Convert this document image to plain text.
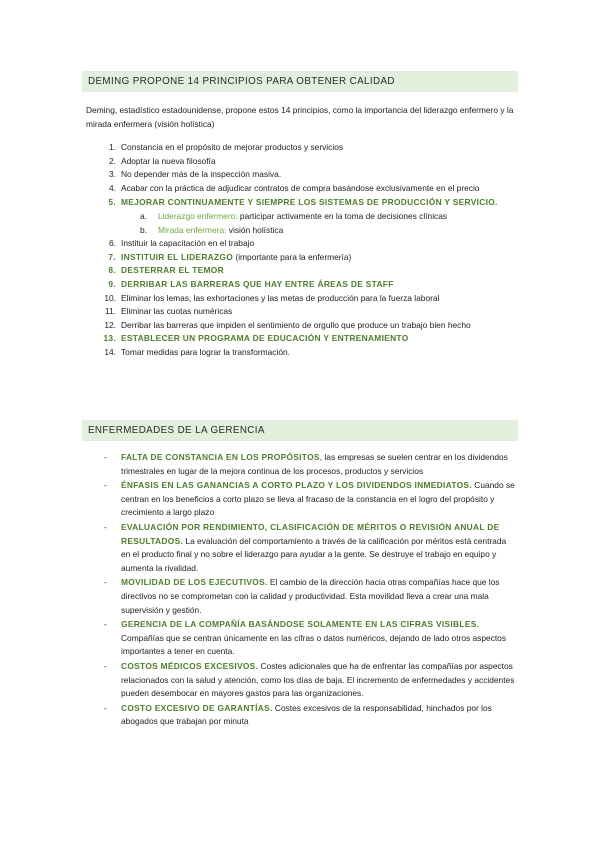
DEMING PROPONE 14 PRINCIPIOS PARA OBTENER CALIDAD
Deming, estadístico estadounidense, propone estos 14 principios, como la importancia del liderazgo enfermero y la mirada enfermera (visión holística)
1. Constancia en el propósito de mejorar productos y servicios
2. Adoptar la nueva filosofía
3. No depender más de la inspección masiva.
4. Acabar con la práctica de adjudicar contratos de compra basándose exclusivamente en el precio
5. MEJORAR CONTINUAMENTE Y SIEMPRE LOS SISTEMAS DE PRODUCCIÓN Y SERVICIO.
a. Liderazgo enfermero: participar activamente en la toma de decisiones clínicas
b. Mirada enfermera: visión holística
6. Instituir la capacitación en el trabajo
7. INSTITUIR EL LIDERAZGO (importante para la enfermería)
8. DESTERRAR EL TEMOR
9. DERRIBAR LAS BARRERAS QUE HAY ENTRE ÁREAS DE STAFF
10. Eliminar los lemas, las exhortaciones y las metas de producción para la fuerza laboral
11. Eliminar las cuotas numéricas
12. Derribar las barreras que impiden el sentimiento de orgullo que produce un trabajo bien hecho
13. ESTABLECER UN PROGRAMA DE EDUCACIÓN Y ENTRENAMIENTO
14. Tomar medidas para lograr la transformación.
ENFERMEDADES DE LA GERENCIA
- FALTA DE CONSTANCIA EN LOS PROPÓSITOS, las empresas se suelen centrar en los dividendos trimestrales en lugar de la mejora continua de los procesos, productos y servicios
- ÉNFASIS EN LAS GANANCIAS A CORTO PLAZO Y LOS DIVIDENDOS INMEDIATOS. Cuando se centran en los beneficios a corto plazo se lleva al fracaso de la constancia en el logro del propósito y crecimiento a largo plazo
- EVALUACIÓN POR RENDIMIENTO, CLASIFICACIÓN DE MÉRITOS O REVISIÓN ANUAL DE RESULTADOS. La evaluación del comportamiento a través de la calificación por méritos está centrada en el producto final y no sobre el liderazgo para ayudar a la gente. Se destruye el trabajo en equipo y aumenta la rivalidad.
- MOVILIDAD DE LOS EJECUTIVOS. El cambio de la dirección hacia otras compañías hace que los directivos no se comprometan con la calidad y productividad. Esta movilidad lleva a crear una mala supervisión y gestión.
- GERENCIA DE LA COMPAÑÍA BASÁNDOSE SOLAMENTE EN LAS CIFRAS VISIBLES. Compañías que se centran únicamente en las cifras o datos numéricos, dejando de lado otros aspectos importantes a tener en cuenta.
- COSTOS MÉDICOS EXCESIVOS. Costes adicionales que ha de enfrentar las compañías por aspectos relacionados con la salud y atención, como los días de baja. El incremento de enfermedades y accidentes pueden desembocar en mayores gastos para las organizaciones.
- COSTO EXCESIVO DE GARANTÍAS. Costes excesivos de la responsabilidad, hinchados por los abogados que trabajan por minuta
